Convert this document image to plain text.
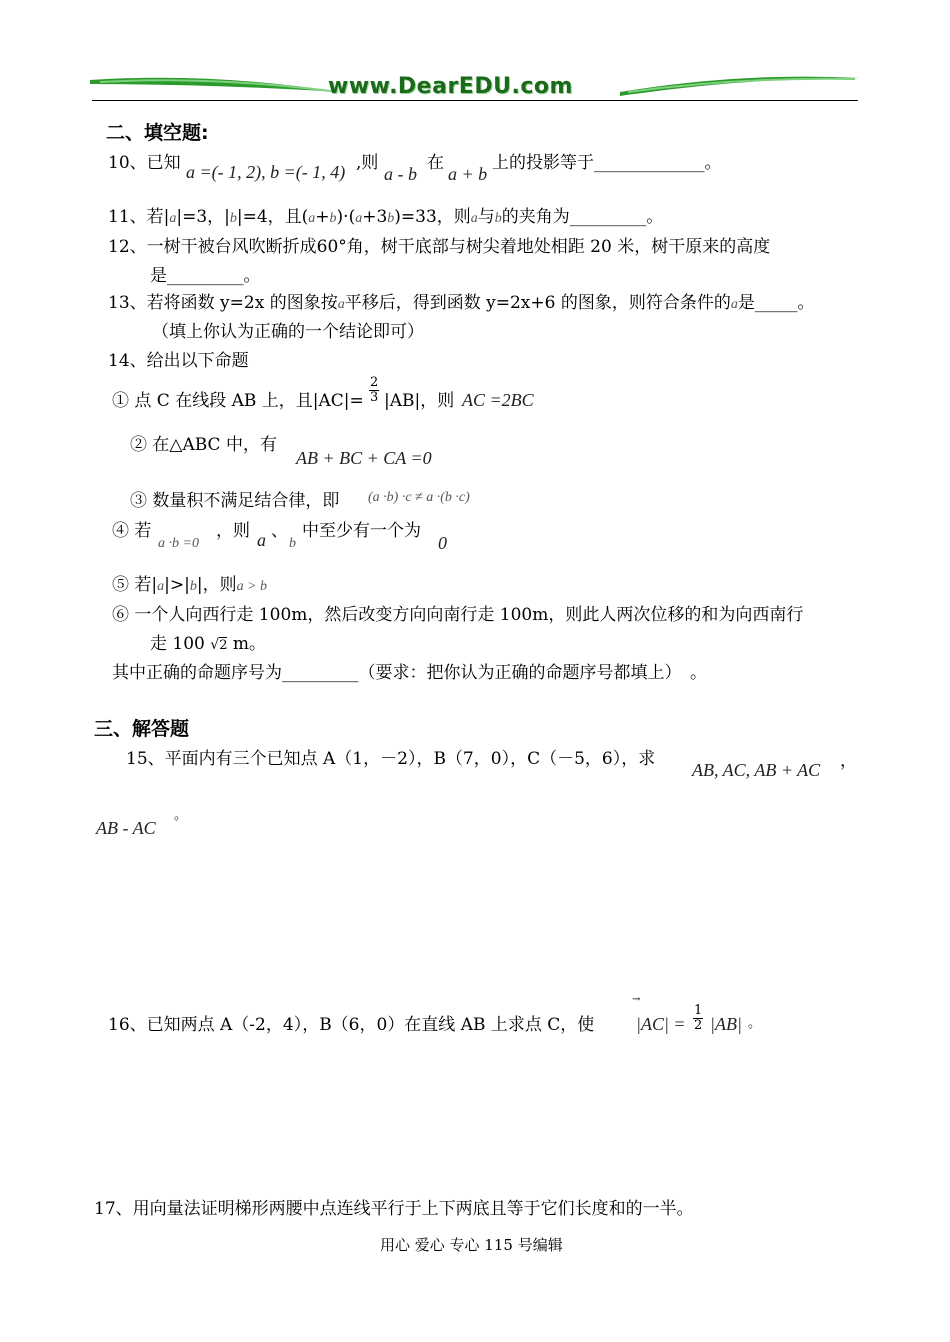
www.DearEDU.com
二、填空题:
10、已知 a =(- 1, 2), b =(- 1, 4) ,则
a - b
在
a + b
上的投影等于_____________。
11、若|a|=3，|b|=4，且(a+b)·(a+3b)=33，则a与b的夹角为_________。
12、一树干被台风吹断折成60°角，树干底部与树尖着地处相距 20 米，树干原来的高度
是_________。
13、若将函数 y=2x 的图象按a平移后，得到函数 y=2x+6 的图象，则符合条件的a是_____。
（填上你认为正确的一个结论即可）
14、给出以下命题
① 点 C 在线段 AB 上，且$|AC|= \frac{2}{3} |AB|$，则 AC =2BC
② 在△ABC 中，有
AB + BC + CA =0
③ 数量积不满足结合律，即 (a ·b) ·c ≠ a ·(b ·c)
④ 若
a ·b =0
，则 a 、
b
中至少有一个为
0
⑤ 若|a|>|b|，则a > b
⑥ 一个人向西行走 100m，然后改变方向向南行走 100m，则此人两次位移的和为向西南行
走 100 √2 m。
其中正确的命题序号为_________（要求：把你认为正确的命题序号都填上）　。
三、解答题
15、平面内有三个已知点 A（1，－2），B（7，0），C（－5，6），求
AB, AC, AB + AC ，
AB - AC
。
16、已知两点 A（-2，4），B（6，0）在直线 AB 上求点 C，使
→
$|AC| = \frac{1}{2} |AB|$ 。
17、用向量法证明梯形两腰中点连线平行于上下两底且等于它们长度和的一半。
用心 爱心 专心 115 号编辑
